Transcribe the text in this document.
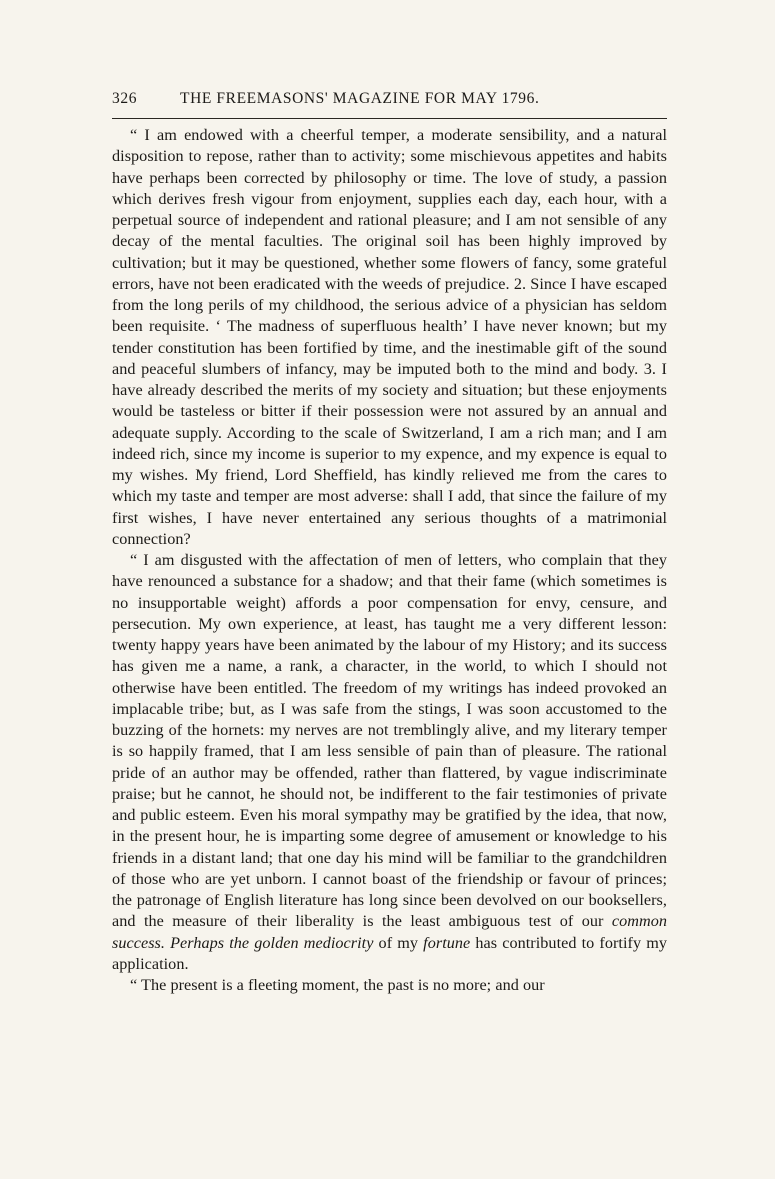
326	THE FREEMASONS' MAGAZINE FOR MAY 1796.

“ I am endowed with a cheerful temper, a moderate sensibility, and a natural disposition to repose, rather than to activity; some mischievous appetites and habits have perhaps been corrected by philosophy or time. The love of study, a passion which derives fresh vigour from enjoyment, supplies each day, each hour, with a perpetual source of independent and rational pleasure; and I am not sensible of any decay of the mental faculties. The original soil has been highly improved by cultivation; but it may be questioned, whether some flowers of fancy, some grateful errors, have not been eradicated with the weeds of prejudice. 2. Since I have escaped from the long perils of my childhood, the serious advice of a physician has seldom been requisite. ‘ The madness of superfluous health’ I have never known; but my tender constitution has been fortified by time, and the inestimable gift of the sound and peaceful slumbers of infancy, may be imputed both to the mind and body. 3. I have already described the merits of my society and situation; but these enjoyments would be tasteless or bitter if their possession were not assured by an annual and adequate supply. According to the scale of Switzerland, I am a rich man; and I am indeed rich, since my income is superior to my expence, and my expence is equal to my wishes. My friend, Lord Sheffield, has kindly relieved me from the cares to which my taste and temper are most adverse: shall I add, that since the failure of my first wishes, I have never entertained any serious thoughts of a matrimonial connection?

“ I am disgusted with the affectation of men of letters, who complain that they have renounced a substance for a shadow; and that their fame (which sometimes is no insupportable weight) affords a poor compensation for envy, censure, and persecution. My own experience, at least, has taught me a very different lesson: twenty happy years have been animated by the labour of my History; and its success has given me a name, a rank, a character, in the world, to which I should not otherwise have been entitled. The freedom of my writings has indeed provoked an implacable tribe; but, as I was safe from the stings, I was soon accustomed to the buzzing of the hornets: my nerves are not tremblingly alive, and my literary temper is so happily framed, that I am less sensible of pain than of pleasure. The rational pride of an author may be offended, rather than flattered, by vague indiscriminate praise; but he cannot, he should not, be indifferent to the fair testimonies of private and public esteem. Even his moral sympathy may be gratified by the idea, that now, in the present hour, he is imparting some degree of amusement or knowledge to his friends in a distant land; that one day his mind will be familiar to the grandchildren of those who are yet unborn. I cannot boast of the friendship or favour of princes; the patronage of English literature has long since been devolved on our booksellers, and the measure of their liberality is the least ambiguous test of our common success. Perhaps the golden mediocrity of my fortune has contributed to fortify my application.

“ The present is a fleeting moment, the past is no more; and our
